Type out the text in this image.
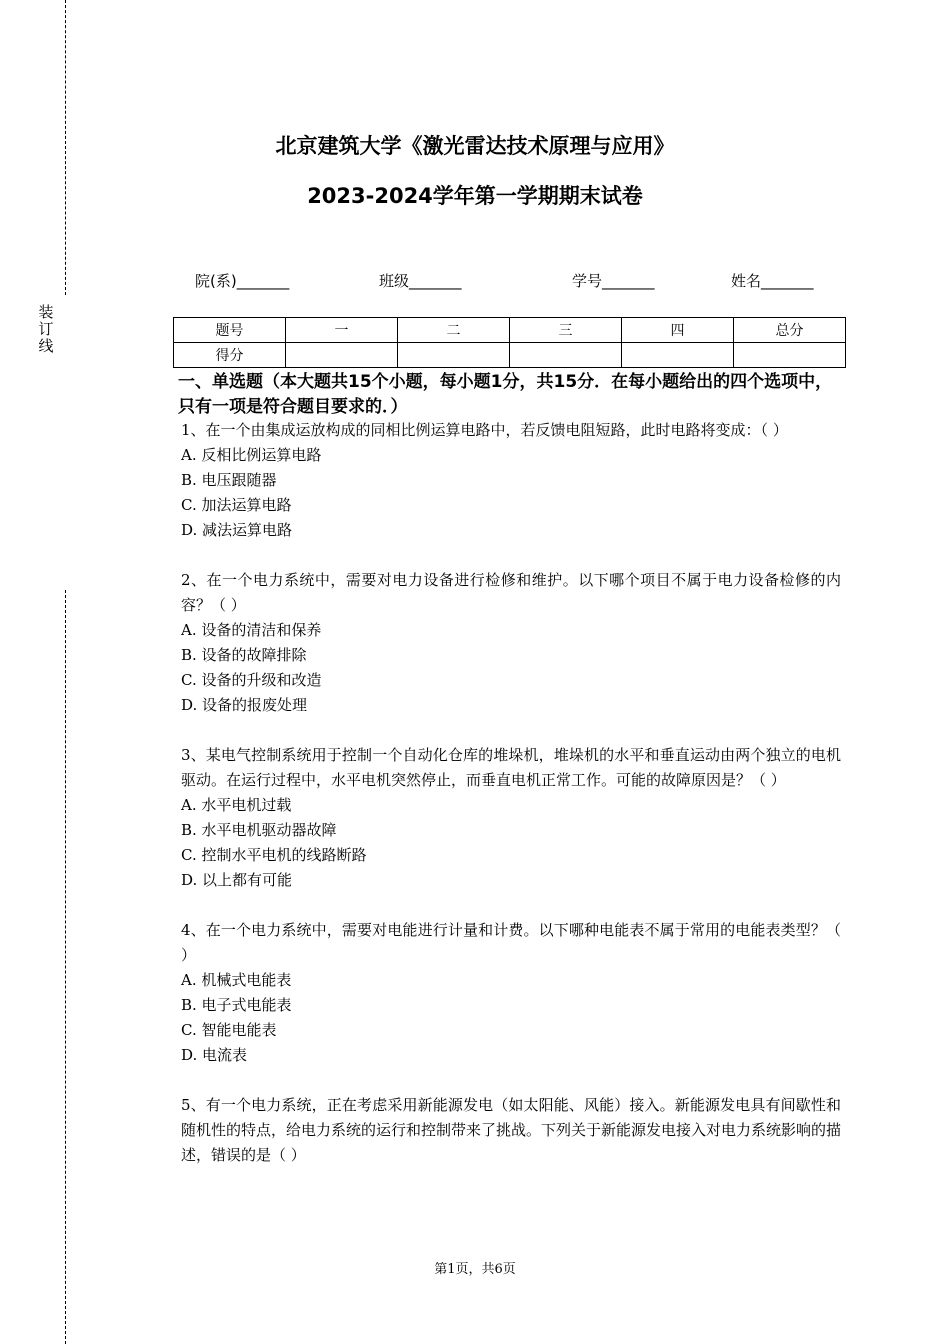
装订线
北京建筑大学《激光雷达技术原理与应用》
2023-2024学年第一学期期末试卷
院(系)_______	班级_______	学号_______	姓名_______
题号	一	二	三	四	总分
得分					
一、单选题（本大题共15个小题，每小题1分，共15分．在每小题给出的四个选项中，只有一项是符合题目要求的．）
1、在一个由集成运放构成的同相比例运算电路中，若反馈电阻短路，此时电路将变成：（ ）
A. 反相比例运算电路
B. 电压跟随器
C. 加法运算电路
D. 减法运算电路
2、在一个电力系统中，需要对电力设备进行检修和维护。以下哪个项目不属于电力设备检修的内容？（ ）
A. 设备的清洁和保养
B. 设备的故障排除
C. 设备的升级和改造
D. 设备的报废处理
3、某电气控制系统用于控制一个自动化仓库的堆垛机，堆垛机的水平和垂直运动由两个独立的电机驱动。在运行过程中，水平电机突然停止，而垂直电机正常工作。可能的故障原因是？（ ）
A. 水平电机过载
B. 水平电机驱动器故障
C. 控制水平电机的线路断路
D. 以上都有可能
4、在一个电力系统中，需要对电能进行计量和计费。以下哪种电能表不属于常用的电能表类型？（ ）
A. 机械式电能表
B. 电子式电能表
C. 智能电能表
D. 电流表
5、有一个电力系统，正在考虑采用新能源发电（如太阳能、风能）接入。新能源发电具有间歇性和随机性的特点，给电力系统的运行和控制带来了挑战。下列关于新能源发电接入对电力系统影响的描述，错误的是（ ）
第1页，共6页
